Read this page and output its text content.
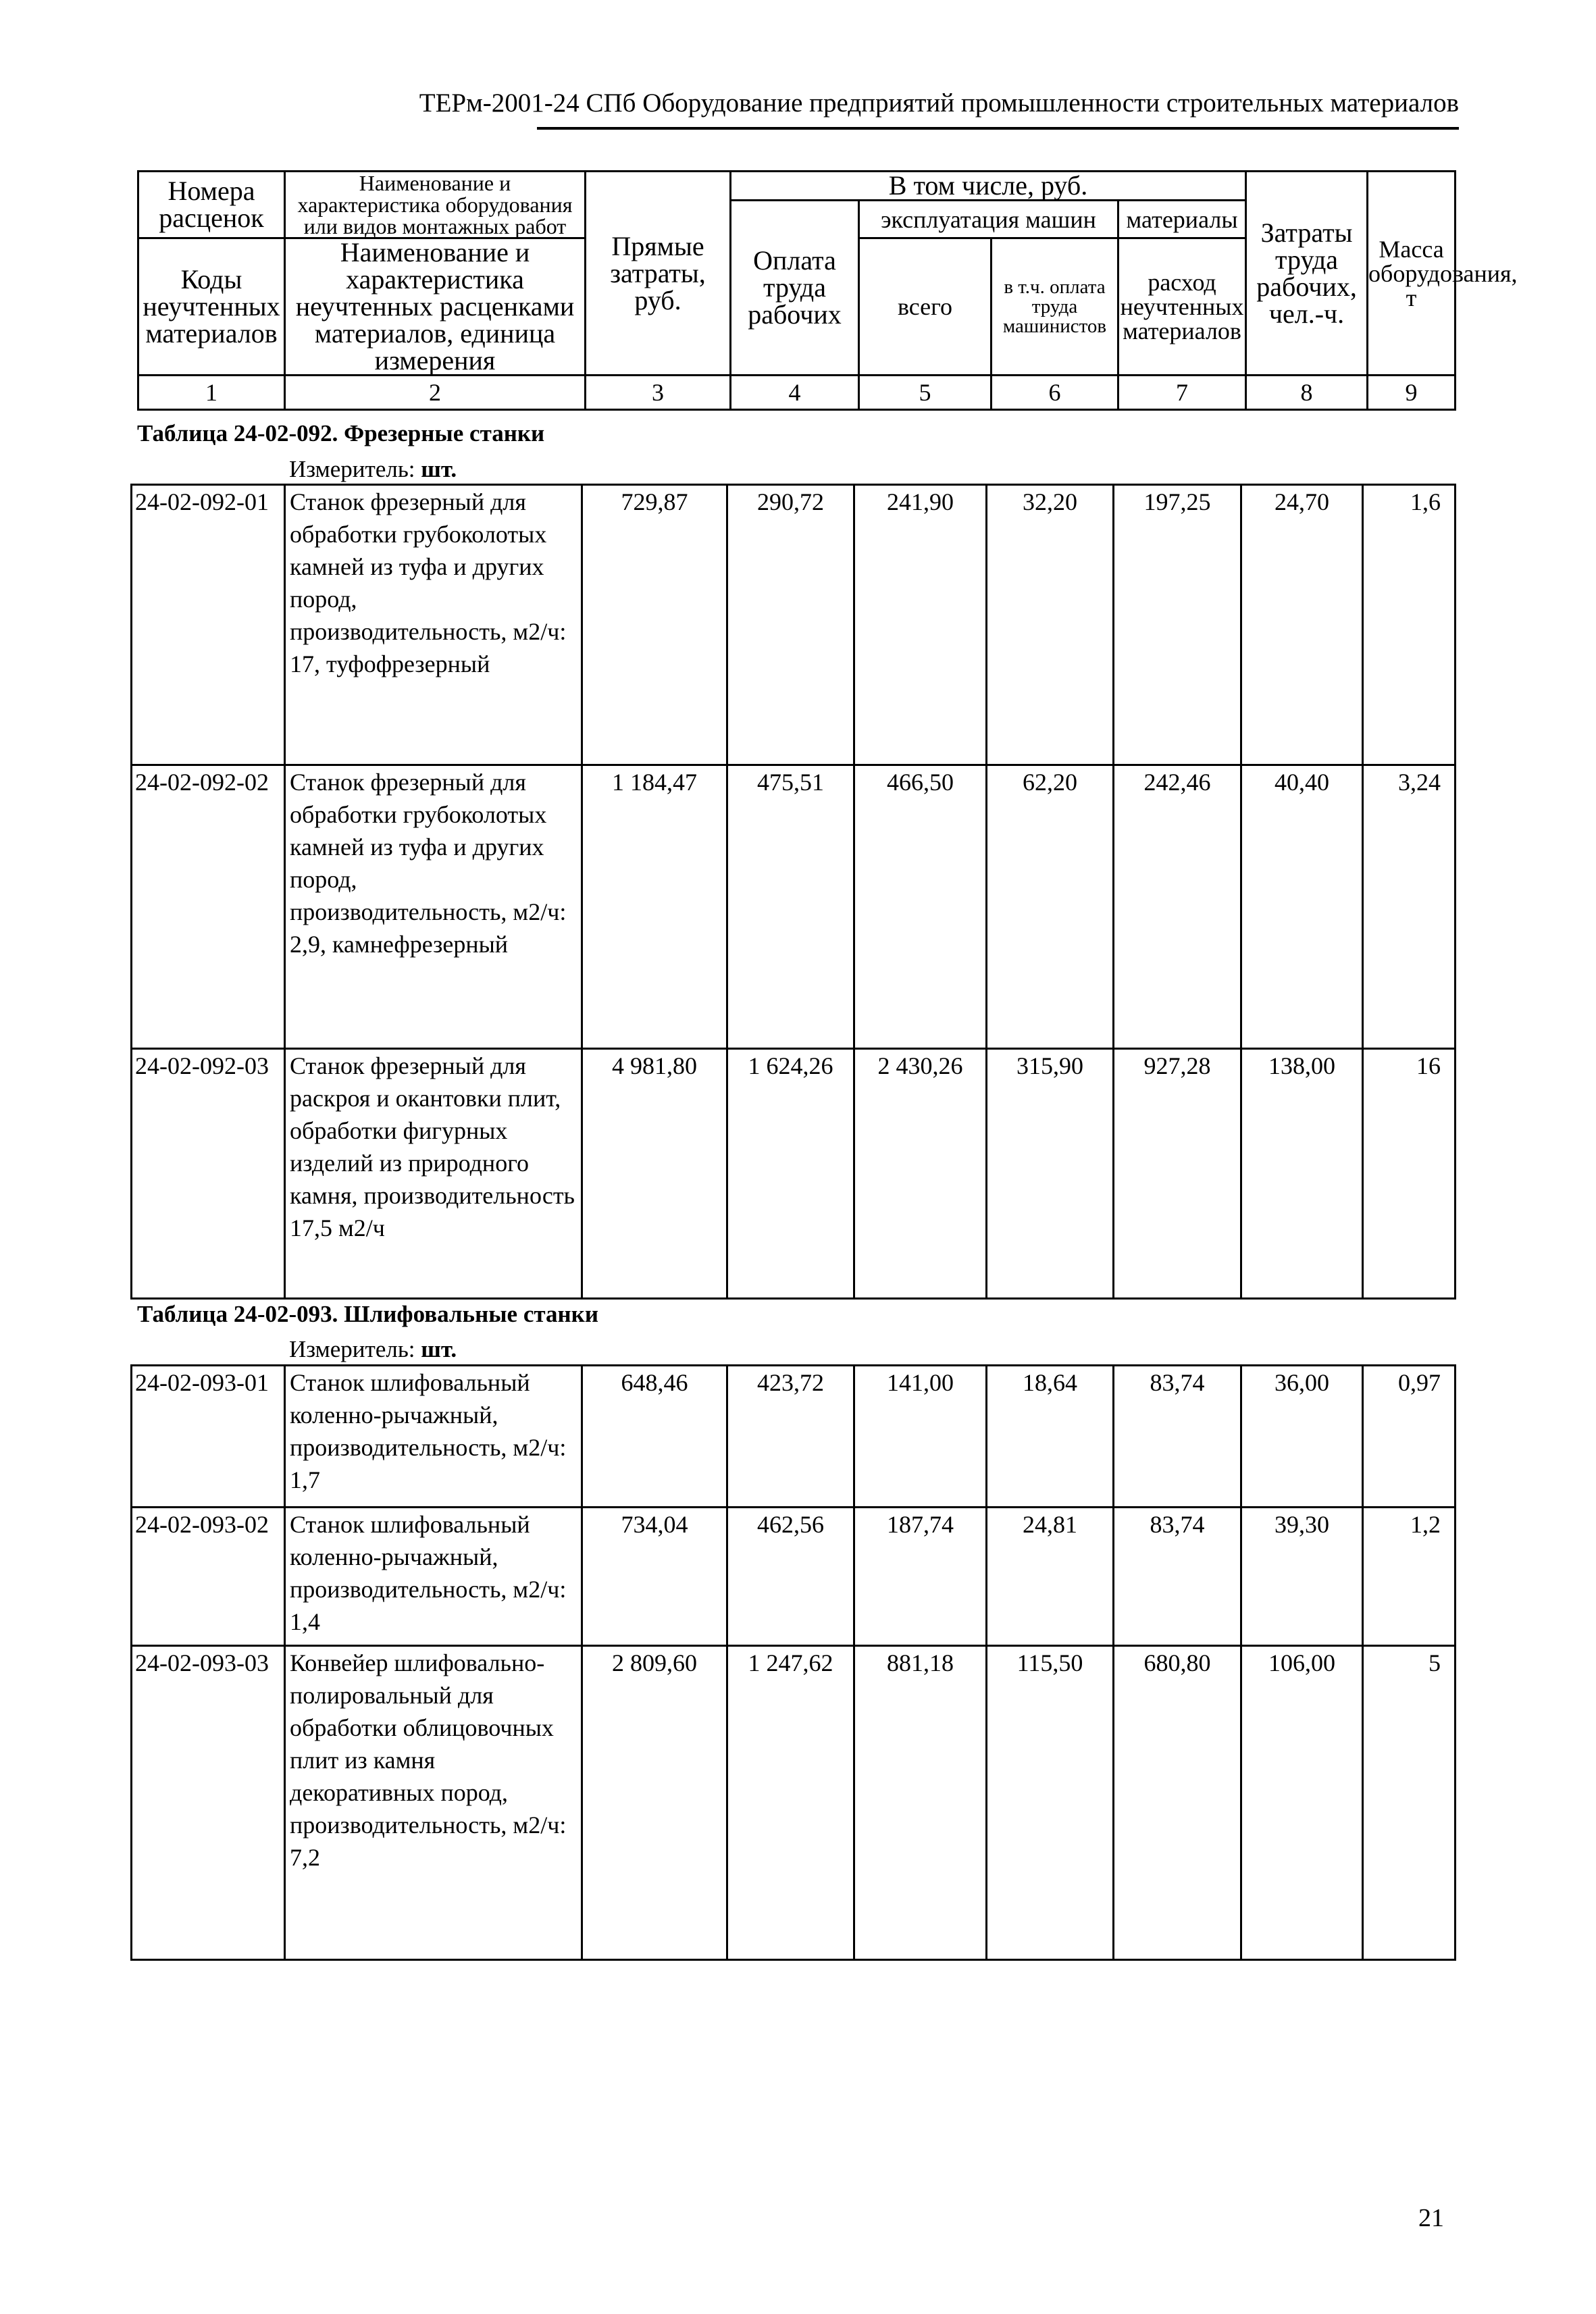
ТЕРм-2001-24 СПб Оборудование предприятий промышленности строительных материалов
Номера расценок	Наименование и характеристика оборудования или видов монтажных работ	Прямые затраты, руб.	В том числе, руб.				Затраты труда рабочих, чел.-ч.	Масса оборудования, т
			Оплата труда рабочих	эксплуатация машин		материалы		
Коды неучтенных материалов	Наименование и характеристика неучтенных расценками материалов, единица измерения			всего	в т.ч. оплата труда машинистов	расход неучтенных материалов		

1	2	3	4	5	6	7	8	9
Таблица 24-02-092. Фрезерные станки
Измеритель: шт.
24-02-092-01	Станок фрезерный для обработки грубоколотых камней из туфа и других пород, производительность, м2/ч: 17, туфофрезерный	729,87	290,72	241,90	32,20	197,25	24,70	1,6
24-02-092-02	Станок фрезерный для обработки грубоколотых камней из туфа и других пород, производительность, м2/ч: 2,9, камнефрезерный	1 184,47	475,51	466,50	62,20	242,46	40,40	3,24
24-02-092-03	Станок фрезерный для раскроя и окантовки плит, обработки фигурных изделий из природного камня, производительность 17,5 м2/ч	4 981,80	1 624,26	2 430,26	315,90	927,28	138,00	16
Таблица 24-02-093. Шлифовальные станки
Измеритель: шт.
24-02-093-01	Станок шлифовальный коленно-рычажный, производительность, м2/ч: 1,7	648,46	423,72	141,00	18,64	83,74	36,00	0,97
24-02-093-02	Станок шлифовальный коленно-рычажный, производительность, м2/ч: 1,4	734,04	462,56	187,74	24,81	83,74	39,30	1,2
24-02-093-03	Конвейер шлифовально-полировальный для обработки облицовочных плит из камня декоративных пород, производительность, м2/ч: 7,2	2 809,60	1 247,62	881,18	115,50	680,80	106,00	5
21
